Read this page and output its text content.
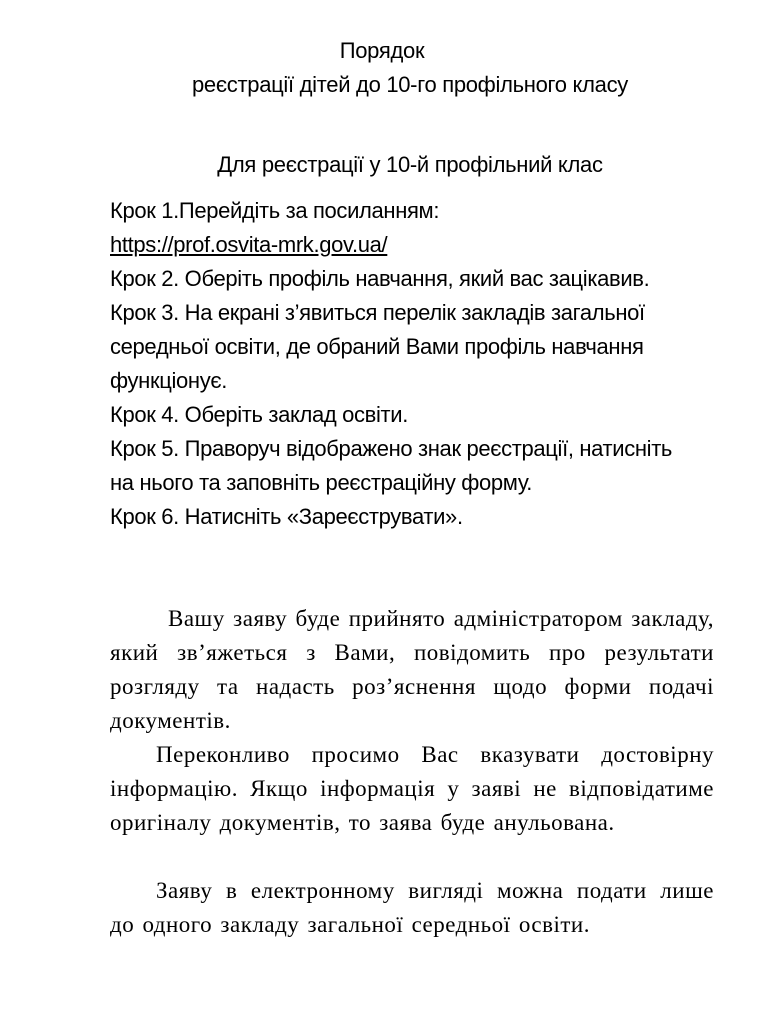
Порядок
реєстрації дітей до 10-го профільного класу
Для реєстрації у 10-й профільний клас

Крок 1.Перейдіть за посиланням:
https://prof.osvita-mrk.gov.ua/

Крок 2. Оберіть профіль навчання, який вас зацікавив.

Крок 3. На екрані з’явиться перелік закладів загальної середньої освіти, де обраний Вами профіль навчання функціонує.

Крок 4. Оберіть заклад освіти.

Крок 5. Праворуч відображено знак реєстрації, натисніть на нього та заповніть реєстраційну форму.

Крок 6. Натисніть «Зареєструвати».

Вашу заяву буде прийнято адміністратором закладу, який зв’яжеться з Вами, повідомить про результати розгляду та надасть роз’яснення щодо форми подачі документів.

Переконливо просимо Вас вказувати достовірну інформацію. Якщо інформація у заяві не відповідатиме оригіналу документів, то заява буде анульована.

Заяву в електронному вигляді можна подати лише до одного закладу загальної середньої освіти.
